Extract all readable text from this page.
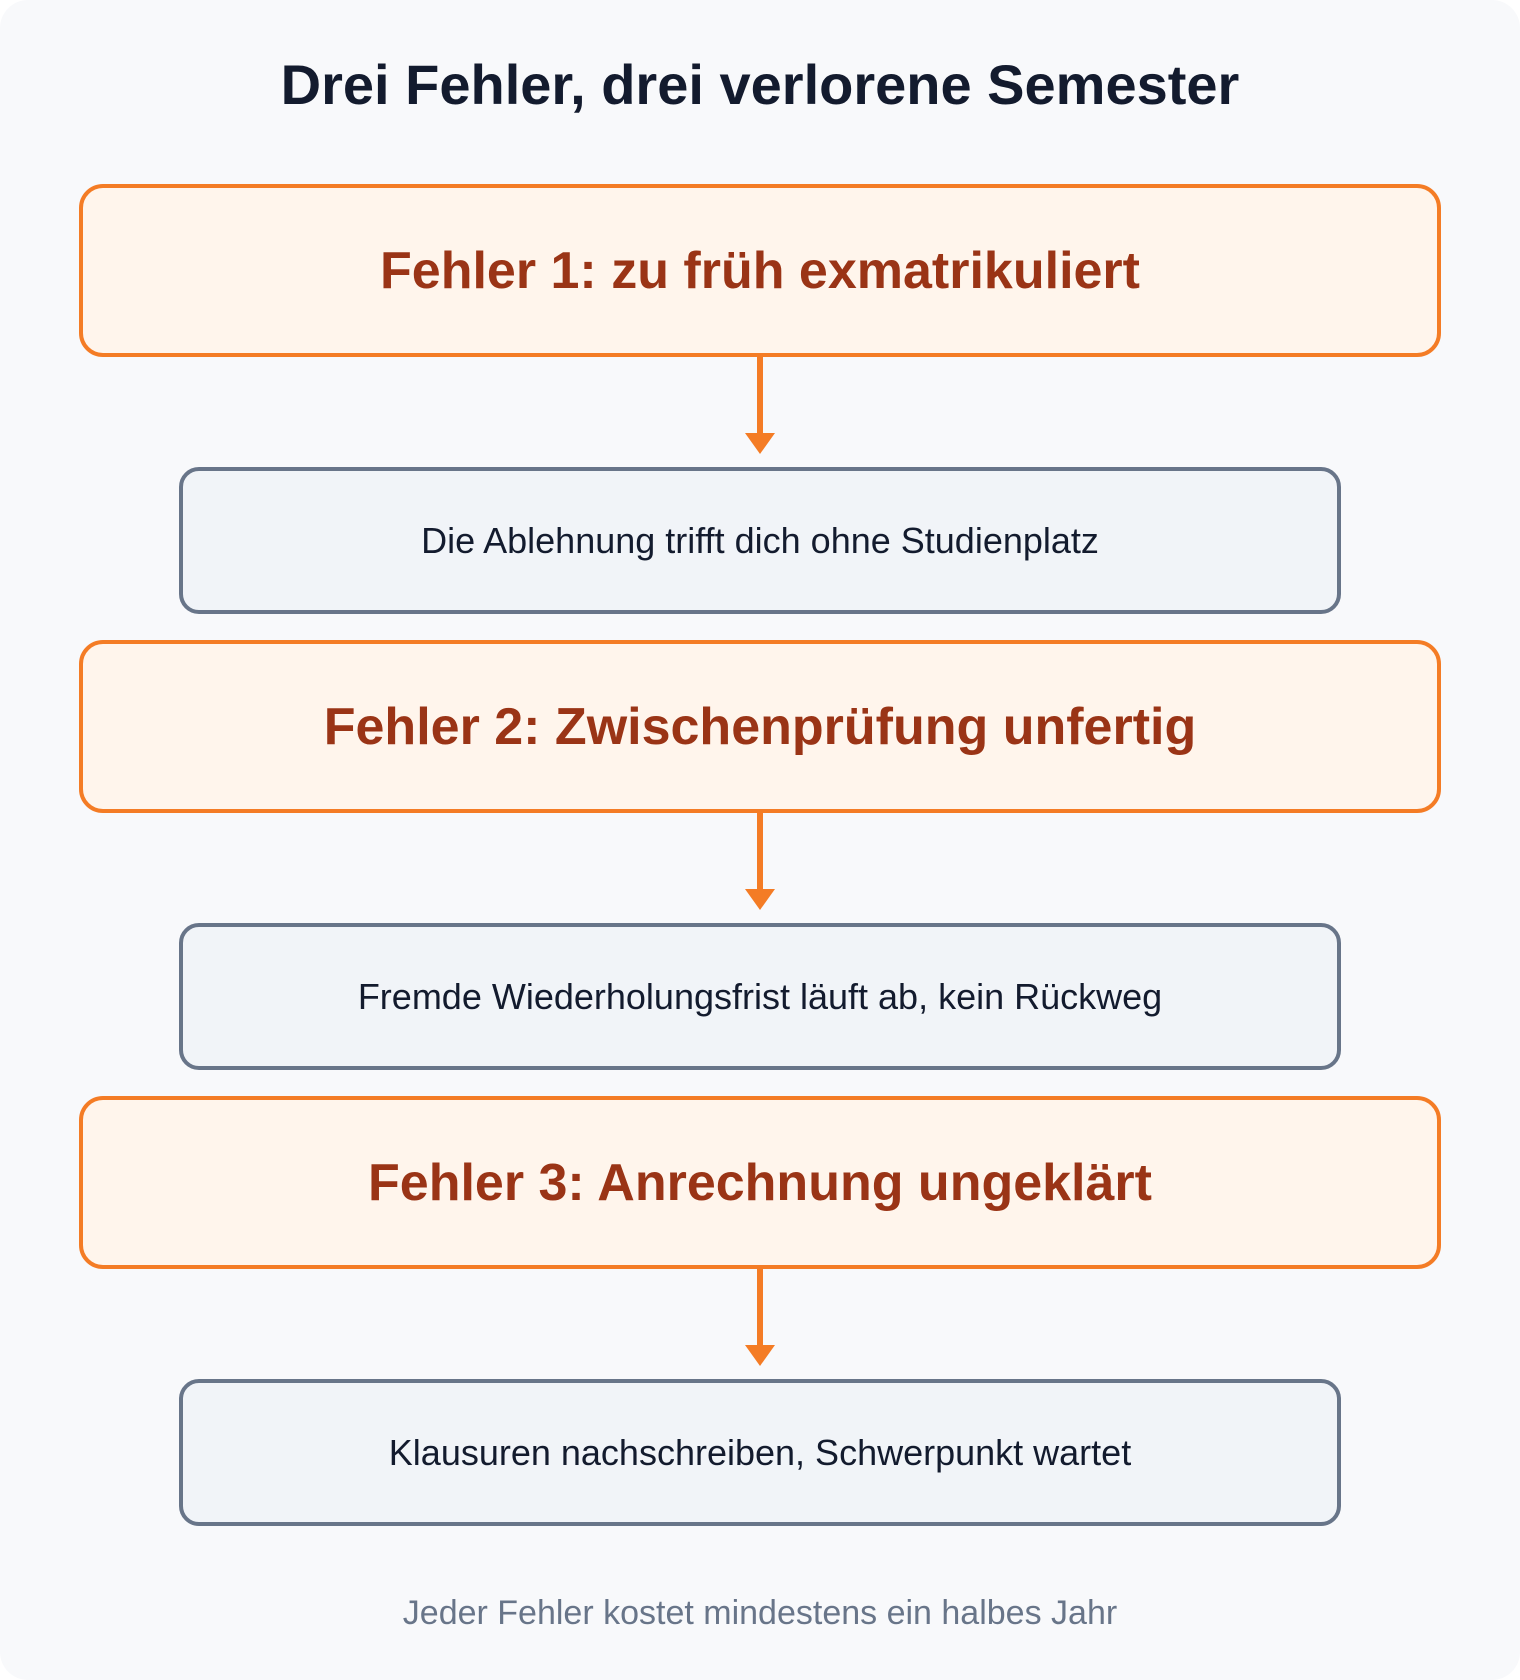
Drei Fehler, drei verlorene Semester
Fehler 1: zu früh exmatrikuliert
Die Ablehnung trifft dich ohne Studienplatz
Fehler 2: Zwischenprüfung unfertig
Fremde Wiederholungsfrist läuft ab, kein Rückweg
Fehler 3: Anrechnung ungeklärt
Klausuren nachschreiben, Schwerpunkt wartet
Jeder Fehler kostet mindestens ein halbes Jahr
